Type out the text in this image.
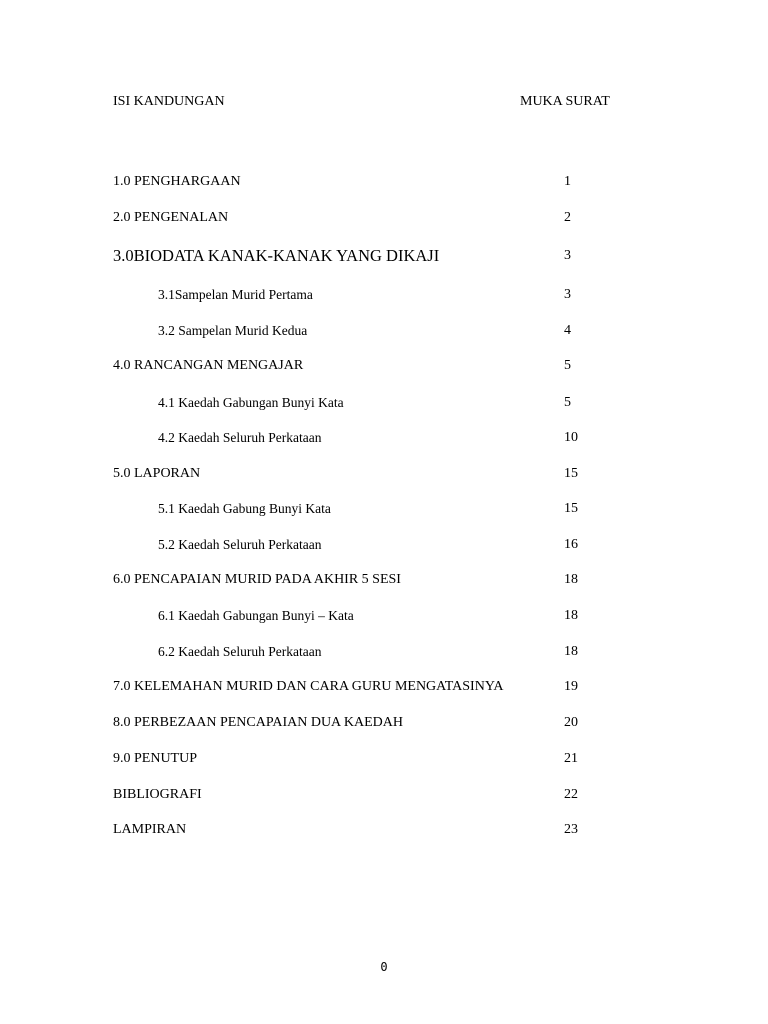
ISI KANDUNGAN	MUKA SURAT
1.0 PENGHARGAAN	1
2.0 PENGENALAN	2
3.0BIODATA KANAK-KANAK YANG DIKAJI	3
3.1Sampelan Murid Pertama	3
3.2 Sampelan Murid Kedua	4
4.0 RANCANGAN MENGAJAR	5
4.1 Kaedah Gabungan Bunyi Kata	5
4.2 Kaedah Seluruh Perkataan	10
5.0 LAPORAN	15
5.1 Kaedah Gabung Bunyi Kata	15
5.2 Kaedah Seluruh Perkataan	16
6.0 PENCAPAIAN MURID PADA AKHIR 5 SESI	18
6.1 Kaedah Gabungan Bunyi – Kata	18
6.2 Kaedah Seluruh Perkataan	18
7.0 KELEMAHAN MURID DAN CARA GURU MENGATASINYA	19
8.0 PERBEZAAN PENCAPAIAN DUA KAEDAH	20
9.0 PENUTUP	21
BIBLIOGRAFI	22
LAMPIRAN	23
0
